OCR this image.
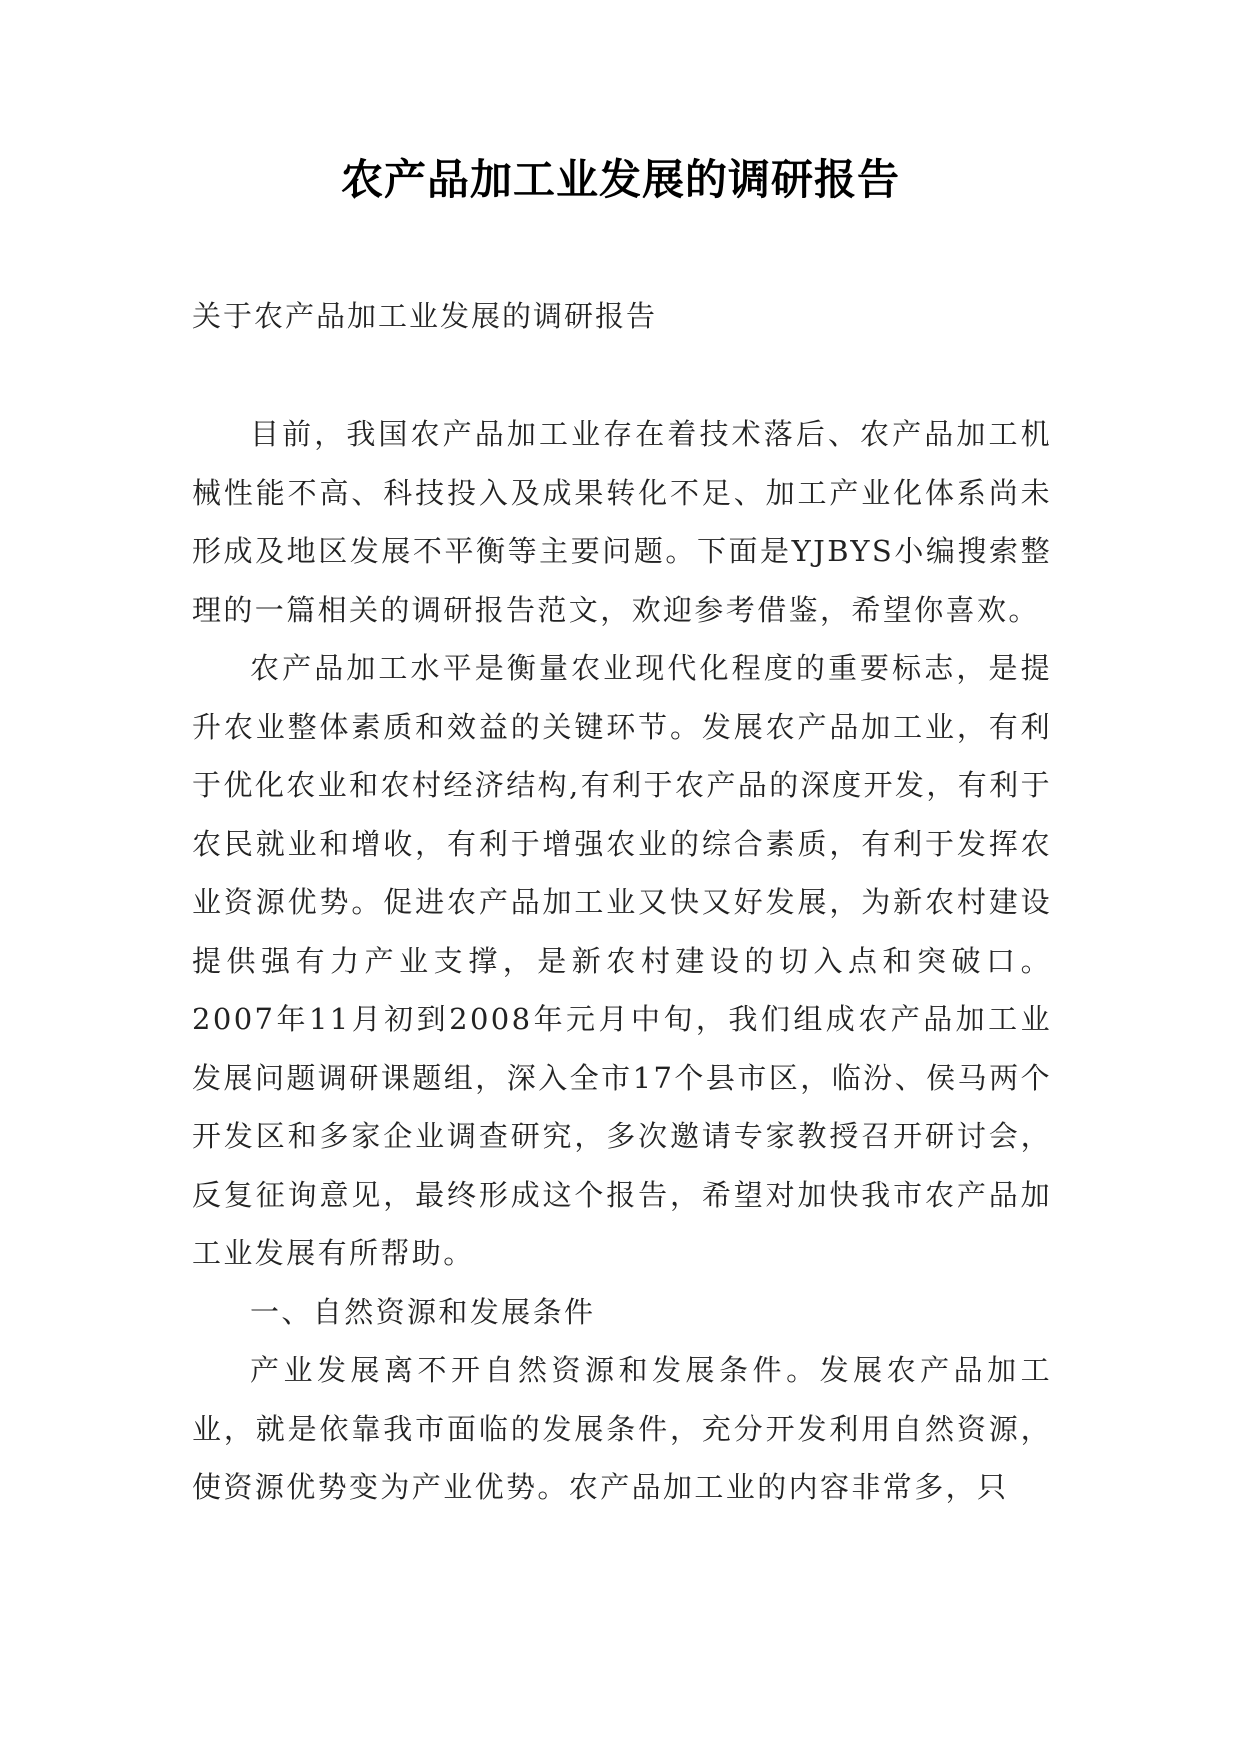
农产品加工业发展的调研报告
关于农产品加工业发展的调研报告

目前，我国农产品加工业存在着技术落后、农产品加工机械性能不高、科技投入及成果转化不足、加工产业化体系尚未形成及地区发展不平衡等主要问题。下面是YJBYS小编搜索整理的一篇相关的调研报告范文，欢迎参考借鉴，希望你喜欢。

农产品加工水平是衡量农业现代化程度的重要标志，是提升农业整体素质和效益的关键环节。发展农产品加工业，有利于优化农业和农村经济结构,有利于农产品的深度开发，有利于农民就业和增收，有利于增强农业的综合素质，有利于发挥农业资源优势。促进农产品加工业又快又好发展，为新农村建设提供强有力产业支撑，是新农村建设的切入点和突破口。2007年11月初到2008年元月中旬，我们组成农产品加工业发展问题调研课题组，深入全市17个县市区，临汾、侯马两个开发区和多家企业调查研究，多次邀请专家教授召开研讨会，反复征询意见，最终形成这个报告，希望对加快我市农产品加工业发展有所帮助。

一、自然资源和发展条件

产业发展离不开自然资源和发展条件。发展农产品加工业，就是依靠我市面临的发展条件，充分开发利用自然资源，使资源优势变为产业优势。农产品加工业的内容非常多，只
